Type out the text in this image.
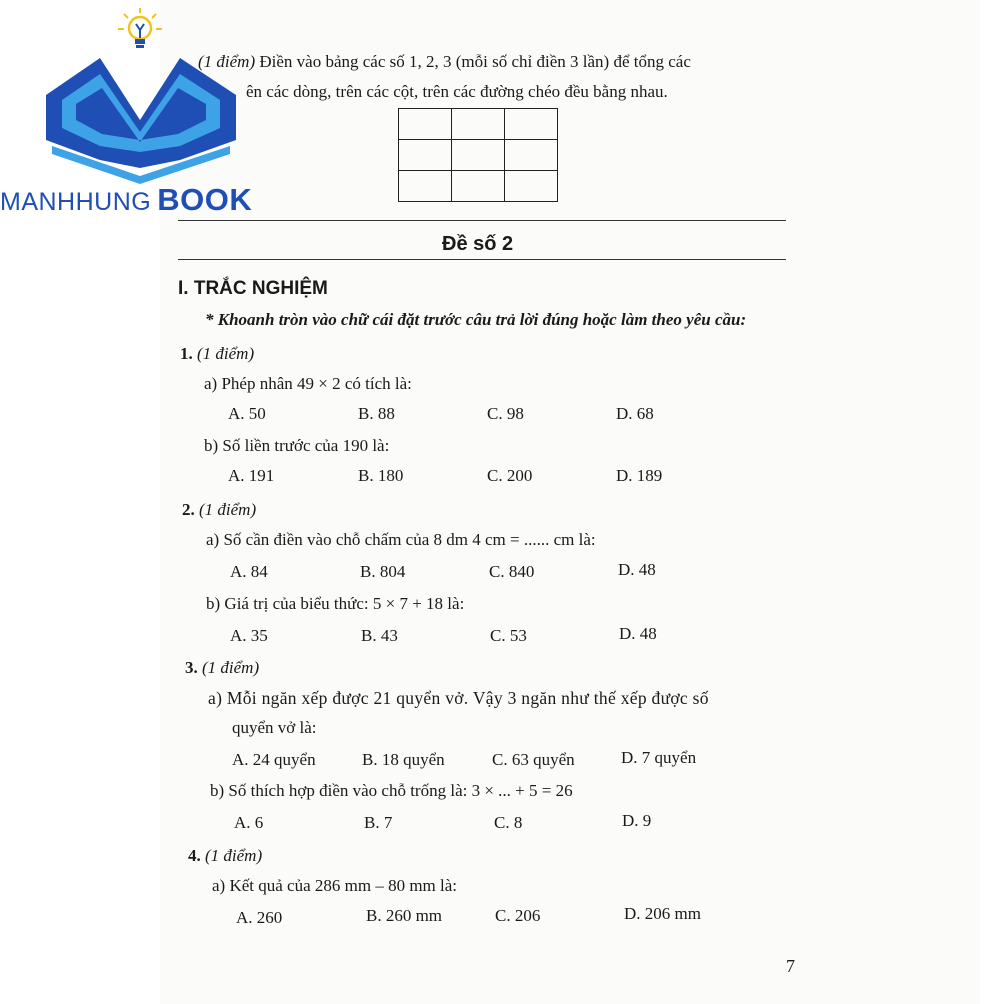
MANHHUNG BOOK
(1 điểm) Điền vào bảng các số 1, 2, 3 (mỗi số chỉ điền 3 lần) để tổng các
ên các dòng, trên các cột, trên các đường chéo đều bằng nhau.

Đề số 2
I. TRẮC NGHIỆM
* Khoanh tròn vào chữ cái đặt trước câu trả lời đúng hoặc làm theo yêu cầu:
1. (1 điểm)
a) Phép nhân 49 × 2 có tích là:
A. 50	B. 88	C. 98	D. 68
b) Số liền trước của 190 là:
A. 191	B. 180	C. 200	D. 189
2. (1 điểm)
a) Số cần điền vào chỗ chấm của 8 dm 4 cm = ...... cm là:
A. 84	B. 804	C. 840	D. 48
b) Giá trị của biểu thức: 5 × 7 + 18 là:
A. 35	B. 43	C. 53	D. 48
3. (1 điểm)
a) Mỗi ngăn xếp được 21 quyển vở. Vậy 3 ngăn như thế xếp được số
quyển vở là:
A. 24 quyển	B. 18 quyển	C. 63 quyển	D. 7 quyển
b) Số thích hợp điền vào chỗ trống là: 3 × ... + 5 = 26
A. 6	B. 7	C. 8	D. 9
4. (1 điểm)
a) Kết quả của 286 mm – 80 mm là:
A. 260	B. 260 mm	C. 206	D. 206 mm
7
